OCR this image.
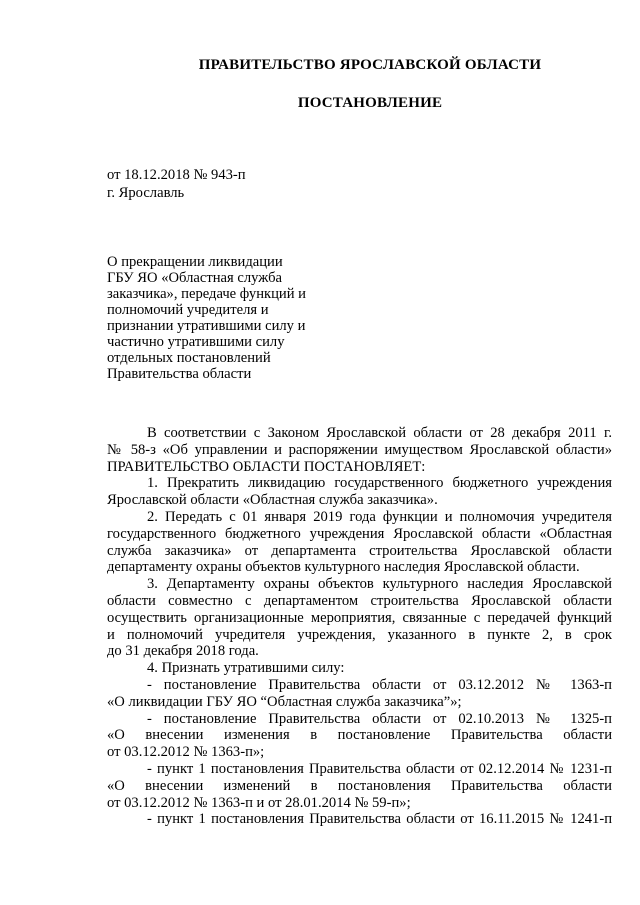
ПРАВИТЕЛЬСТВО ЯРОСЛАВСКОЙ ОБЛАСТИ
ПОСТАНОВЛЕНИЕ
от 18.12.2018 № 943-п
г. Ярославль
О прекращении ликвидации
ГБУ ЯО «Областная служба
заказчика», передаче функций и
полномочий учредителя и
признании утратившими силу и
частично утратившими силу
отдельных постановлений
Правительства области
В соответствии с Законом Ярославской области от 28 декабря 2011 г.
№ 58-з «Об управлении и распоряжении имуществом Ярославской области»
ПРАВИТЕЛЬСТВО ОБЛАСТИ ПОСТАНОВЛЯЕТ:
1. Прекратить ликвидацию государственного бюджетного учреждения
Ярославской области «Областная служба заказчика».
2. Передать с 01 января 2019 года функции и полномочия учредителя
государственного бюджетного учреждения Ярославской области «Областная
служба заказчика» от департамента строительства Ярославской области
департаменту охраны объектов культурного наследия Ярославской области.
3. Департаменту охраны объектов культурного наследия Ярославской
области совместно с департаментом строительства Ярославской области
осуществить организационные мероприятия, связанные с передачей функций
и полномочий учредителя учреждения, указанного в пункте 2, в срок
до 31 декабря 2018 года.
4. Признать утратившими силу:
- постановление Правительства области от 03.12.2012 № 1363-п
«О ликвидации ГБУ ЯО “Областная служба заказчика”»;
- постановление Правительства области от 02.10.2013 № 1325-п
«О внесении изменения в постановление Правительства области
от 03.12.2012 № 1363-п»;
- пункт 1 постановления Правительства области от 02.12.2014 № 1231-п
«О внесении изменений в постановления Правительства области
от 03.12.2012 № 1363-п и от 28.01.2014 № 59-п»;
- пункт 1 постановления Правительства области от 16.11.2015 № 1241-п
